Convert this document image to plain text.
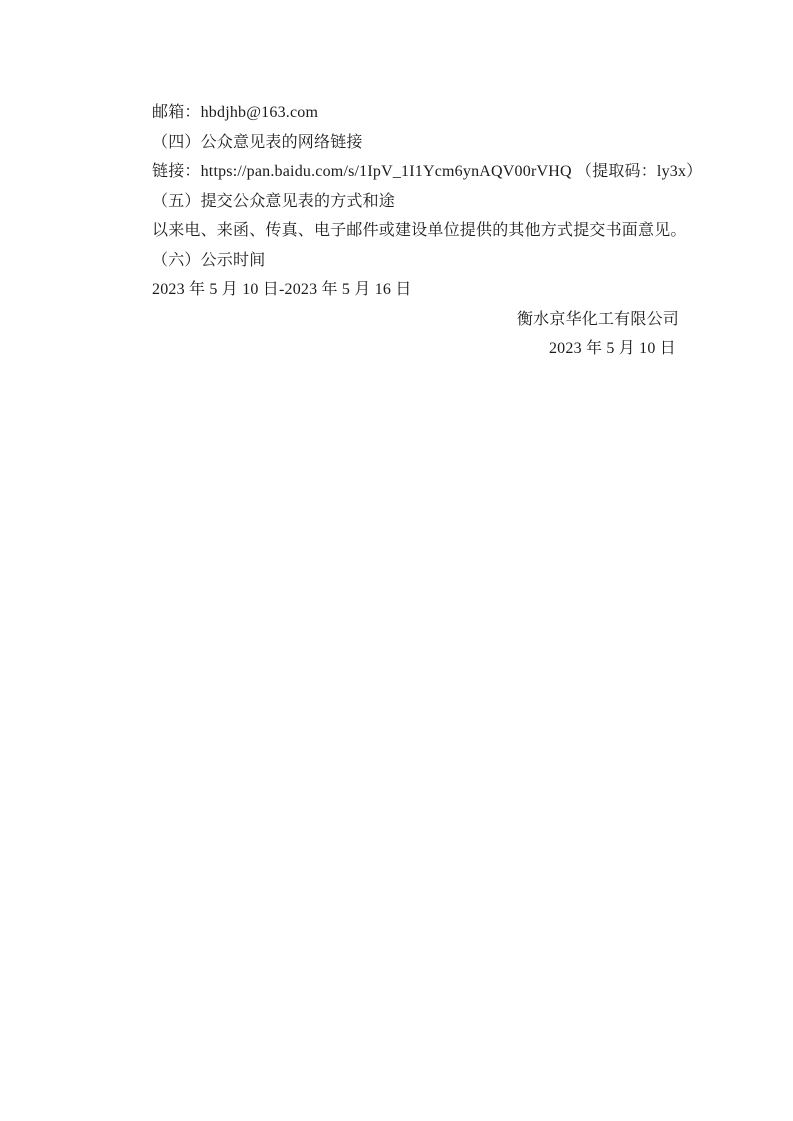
邮箱：hbdjhb@163.com
（四）公众意见表的网络链接
链接：https://pan.baidu.com/s/1IpV_1I1Ycm6ynAQV00rVHQ （提取码：ly3x）
（五）提交公众意见表的方式和途
以来电、来函、传真、电子邮件或建设单位提供的其他方式提交书面意见。
（六）公示时间
2023 年 5 月 10 日-2023 年 5 月 16 日
衡水京华化工有限公司
2023 年 5 月 10 日
